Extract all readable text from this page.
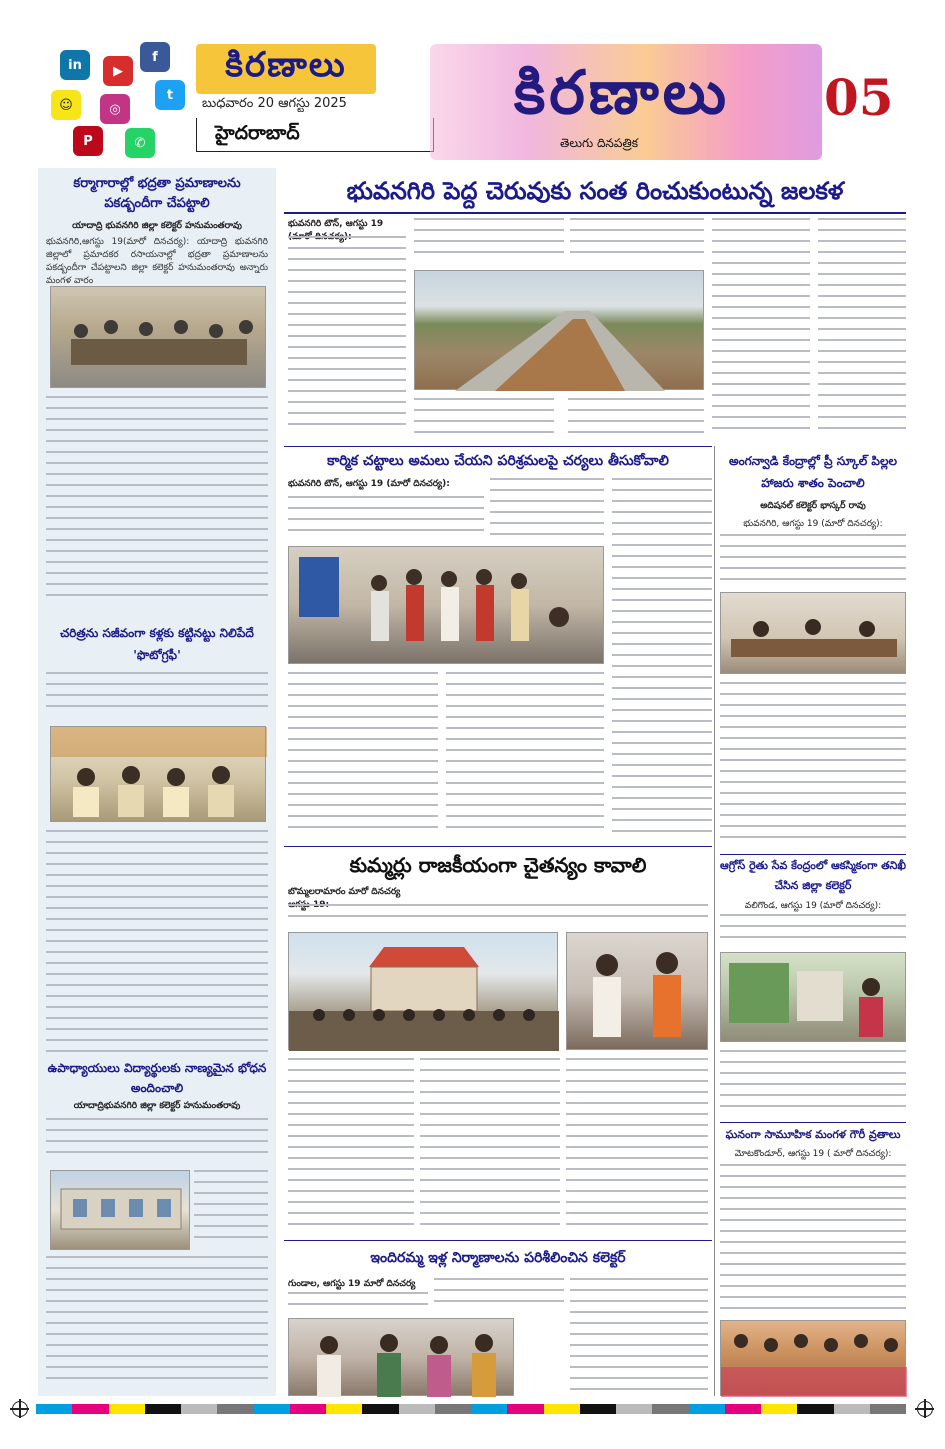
f
in	▶
t
☺	◎
P	✆
కిరణాలు
బుధవారం 20 ఆగస్టు 2025
హైదరాబాద్
కిరణాలు
తెలుగు దినపత్రిక
05
కర్మాగారాల్లో భద్రతా ప్రమాణాలను పకడ్బందీగా చేపట్టాలి
యాదాద్రి భువనగిరి జిల్లా కలెక్టర్ హనుమంతరావు
భువనగిరి,ఆగస్టు 19(మారో దినచర్య): యాదాద్రి భువనగిరి జిల్లాలో ప్రమాదకర రసాయనాల్లో భద్రతా ప్రమాణాలను పకడ్బందీగా చేపట్టాలని జిల్లా కలెక్టర్ హనుమంతరావు అన్నారు మంగళ వారం
చరిత్రను సజీవంగా కళ్లకు కట్టినట్టు నిలిపేదే 'ఫొటోగ్రఫీ'
ఉపాధ్యాయులు విద్యార్థులకు నాణ్యమైన భోధన అందించాలి
యాదాద్రిభువనగిరి జిల్లా కలెక్టర్ హనుమంతరావు
భువనగిరి పెద్ద చెరువుకు సంత రించుకుంటున్న జలకళ
భువనగిరి టౌన్, ఆగస్టు 19
కార్మిక చట్టాలు అమలు చేయని పరిశ్రమలపై చర్యలు తీసుకోవాలి
భువనగిరి టౌన్, ఆగస్టు 19 (మారో దినచర్య):
కుమ్మర్లు రాజకీయంగా చైతన్యం కావాలి
బొమ్మలరామారం మారో దినచర్య
ఇందిరమ్మ ఇళ్ల నిర్మాణాలను పరిశీలించిన కలెక్టర్
గుండాల, ఆగస్టు 19 మారో దినచర్య
అంగన్వాడి కేంద్రాల్లో ప్రీ స్కూల్ పిల్లల హాజరు శాతం పెంచాలి
అదిషనల్ కలెక్టర్ భాస్కర్ రావు
భువనగిరి, ఆగస్టు 19 (మారో దినచర్య):
ఆగ్రోస్ రైతు సేవ కేంద్రంలో ఆకస్మికంగా తనిఖీ చేసిన జిల్లా కలెక్టర్
వలిగొండ, ఆగస్టు 19 (మారో దినచర్య):
ఘనంగా సామూహిక మంగళ గౌరీ వ్రతాలు
మోటకొండూర్, ఆగస్టు 19 ( మారో దినచర్య):
